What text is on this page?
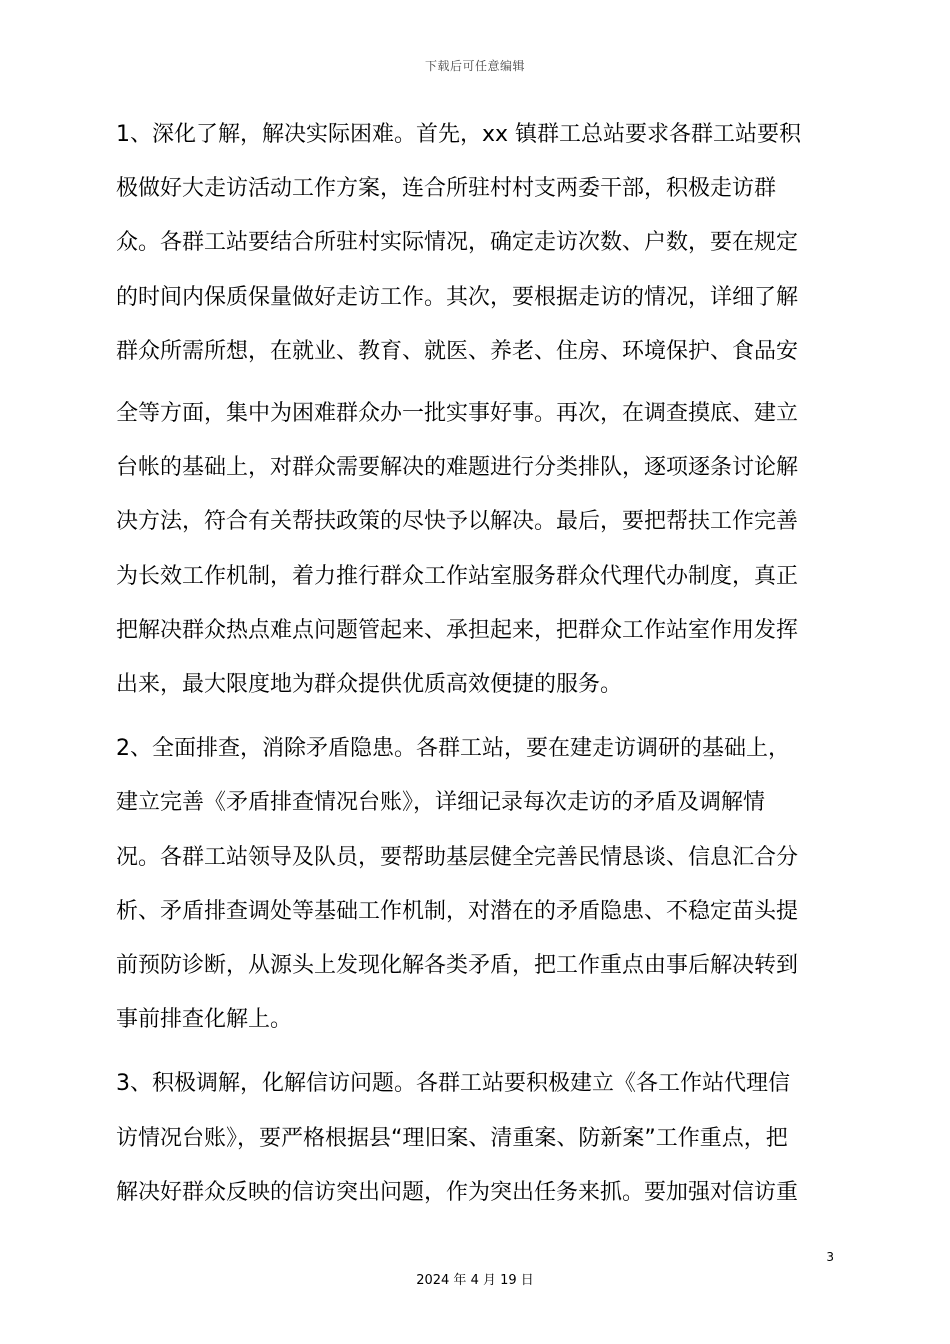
下载后可任意编辑
1、深化了解，解决实际困难。首先，xx 镇群工总站要求各群工站要积
极做好大走访活动工作方案，连合所驻村村支两委干部，积极走访群
众。各群工站要结合所驻村实际情况，确定走访次数、户数，要在规定
的时间内保质保量做好走访工作。其次，要根据走访的情况，详细了解
群众所需所想，在就业、教育、就医、养老、住房、环境保护、食品安
全等方面，集中为困难群众办一批实事好事。再次，在调查摸底、建立
台帐的基础上，对群众需要解决的难题进行分类排队，逐项逐条讨论解
决方法，符合有关帮扶政策的尽快予以解决。最后，要把帮扶工作完善
为长效工作机制，着力推行群众工作站室服务群众代理代办制度，真正
把解决群众热点难点问题管起来、承担起来，把群众工作站室作用发挥
出来，最大限度地为群众提供优质高效便捷的服务。
2、全面排查，消除矛盾隐患。各群工站，要在建走访调研的基础上，
建立完善《矛盾排查情况台账》，详细记录每次走访的矛盾及调解情
况。各群工站领导及队员，要帮助基层健全完善民情恳谈、信息汇合分
析、矛盾排查调处等基础工作机制，对潜在的矛盾隐患、不稳定苗头提
前预防诊断，从源头上发现化解各类矛盾，把工作重点由事后解决转到
事前排查化解上。
3、积极调解，化解信访问题。各群工站要积极建立《各工作站代理信
访情况台账》，要严格根据县“理旧案、清重案、防新案”工作重点，把
解决好群众反映的信访突出问题，作为突出任务来抓。要加强对信访重
3
2024 年 4 月 19 日
